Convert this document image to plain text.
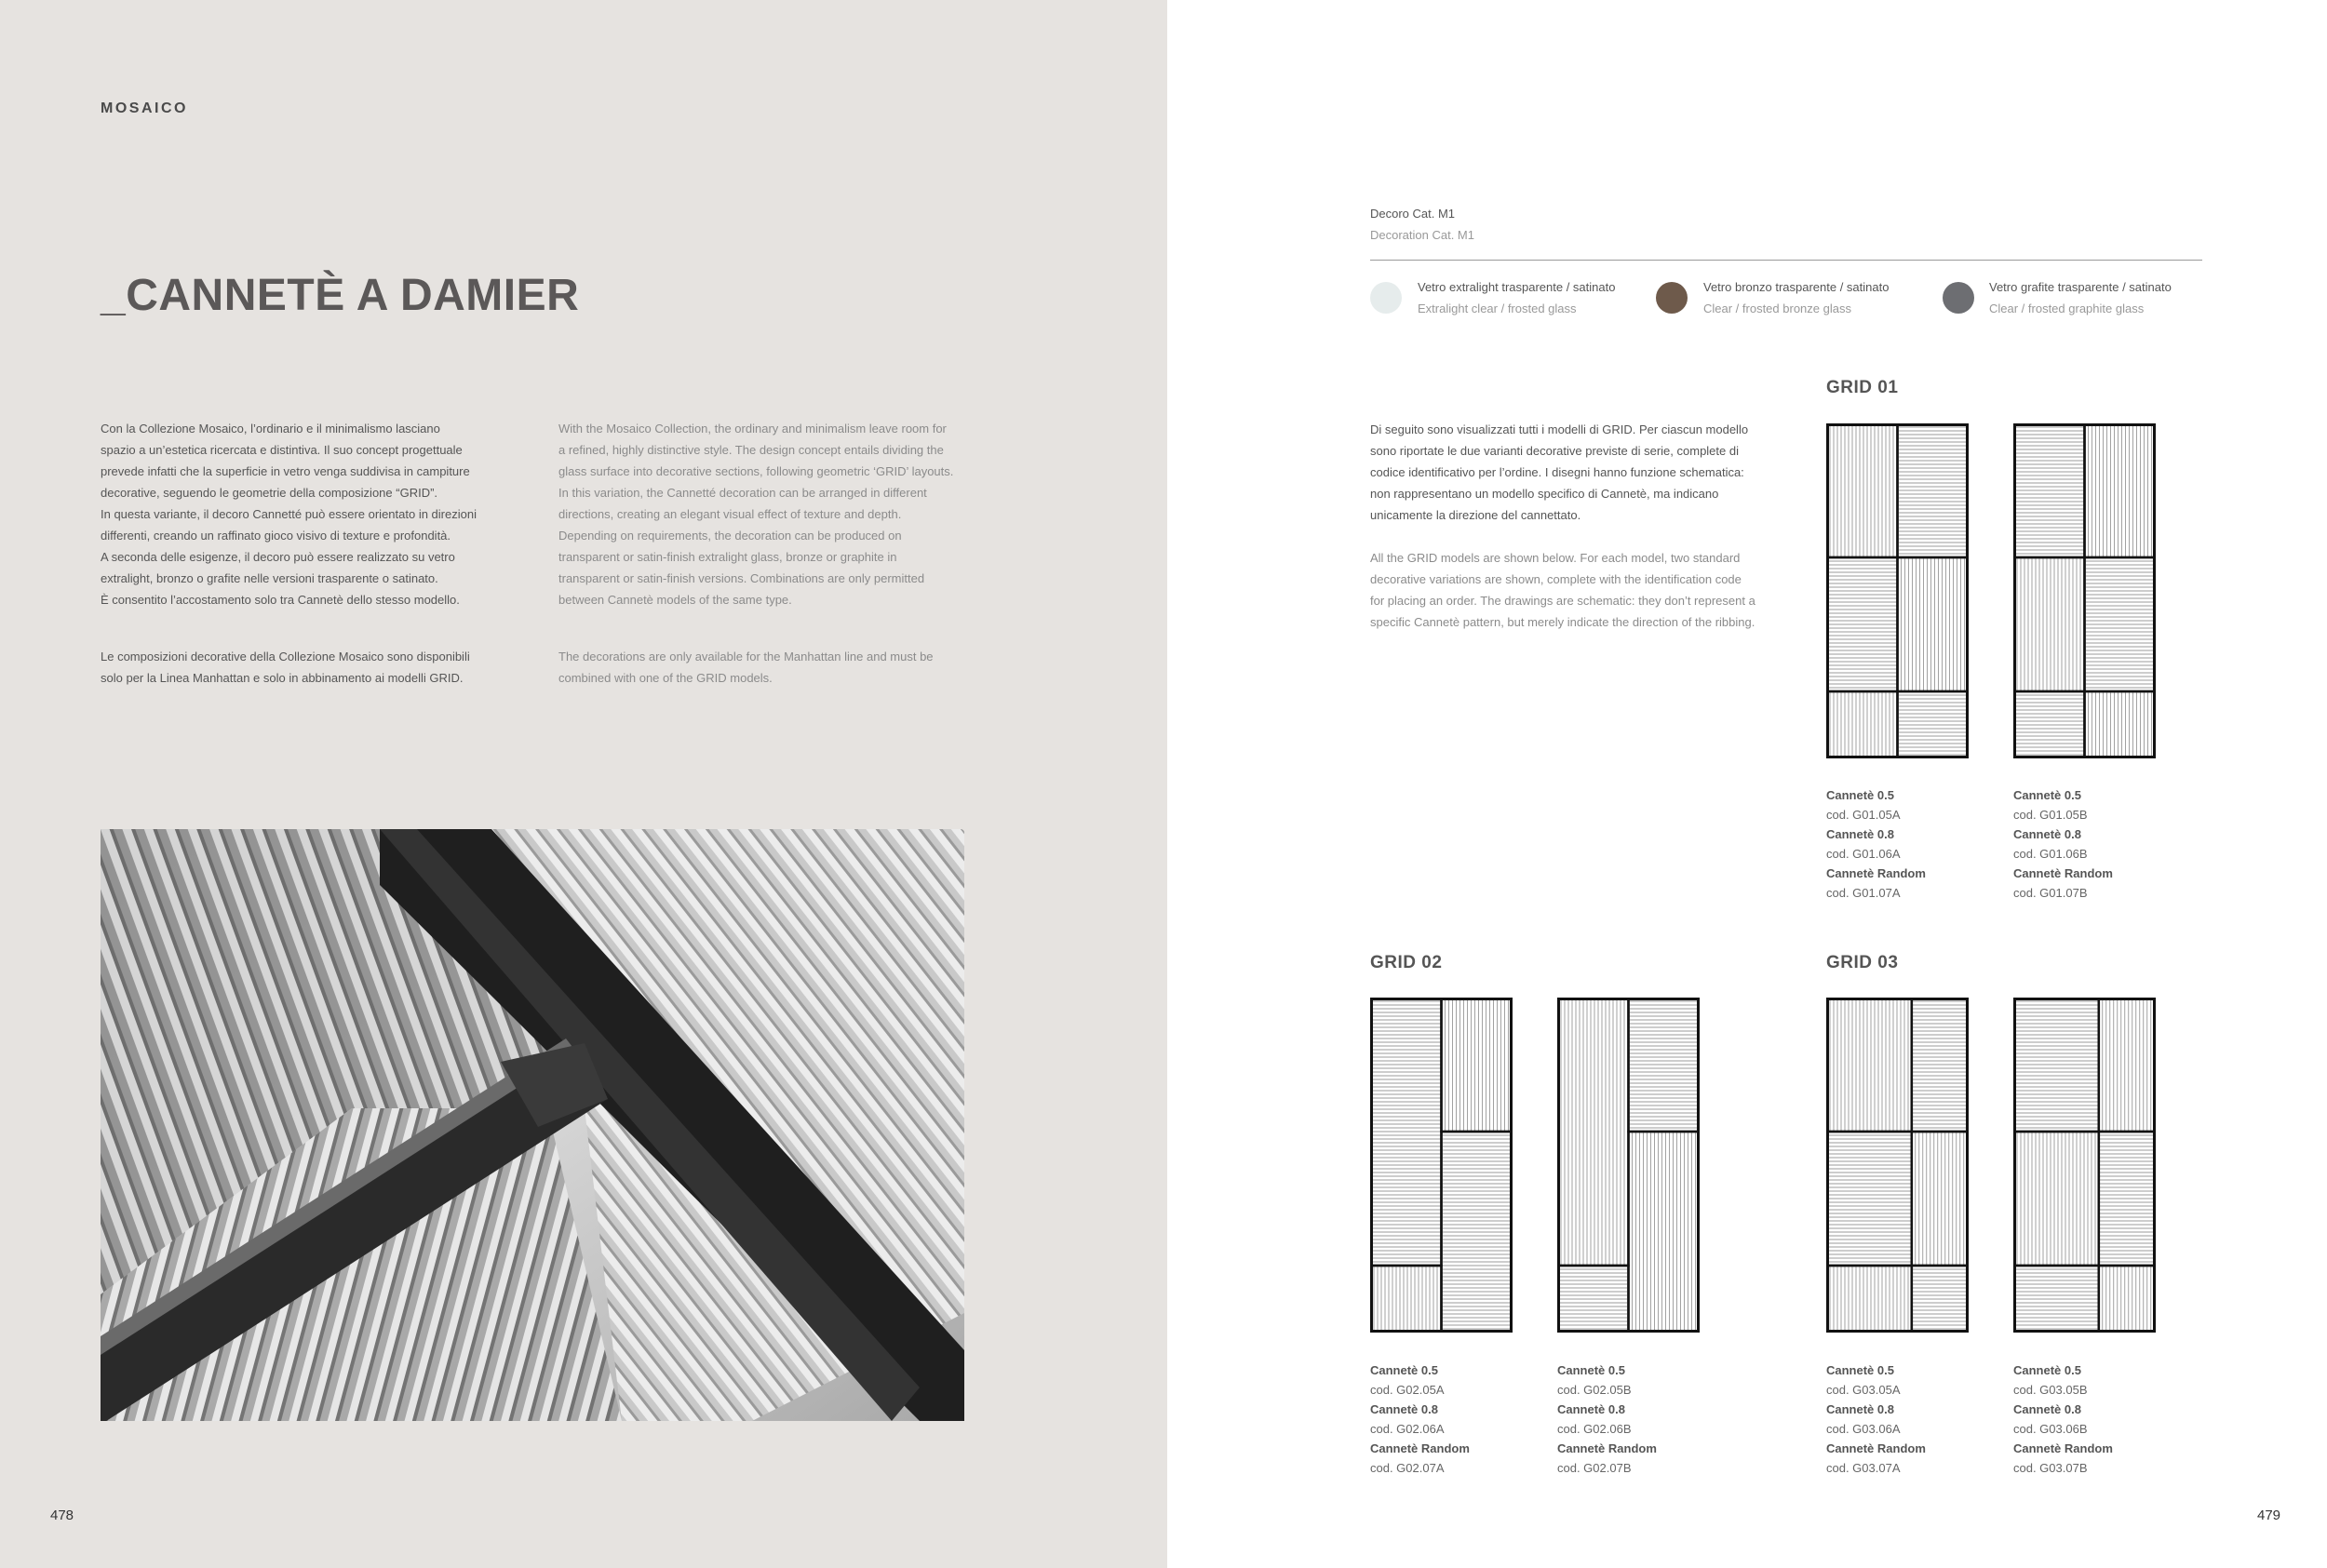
MOSAICO
_CANNETÈ A DAMIER

Con la Collezione Mosaico, l’ordinario e il minimalismo lasciano

spazio a un’estetica ricercata e distintiva. Il suo concept progettuale

prevede infatti che la superficie in vetro venga suddivisa in campiture

decorative, seguendo le geometrie della composizione “GRID”.

In questa variante, il decoro Cannetté può essere orientato in direzioni

differenti, creando un raffinato gioco visivo di texture e profondità.

A seconda delle esigenze, il decoro può essere realizzato su vetro

extralight, bronzo o grafite nelle versioni trasparente o satinato.

È consentito l’accostamento solo tra Cannetè dello stesso modello.

Le composizioni decorative della Collezione Mosaico sono disponibili

solo per la Linea Manhattan e solo in abbinamento ai modelli GRID.

With the Mosaico Collection, the ordinary and minimalism leave room for

a refined, highly distinctive style. The design concept entails dividing the

glass surface into decorative sections, following geometric ‘GRID’ layouts.

In this variation, the Cannetté decoration can be arranged in different

directions, creating an elegant visual effect of texture and depth.

Depending on requirements, the decoration can be produced on

transparent or satin-finish extralight glass, bronze or graphite in

transparent or satin-finish versions. Combinations are only permitted

between Cannetè models of the same type.

The decorations are only available for the Manhattan line and must be

combined with one of the GRID models.

478
Decoro Cat. M1
Decoration Cat. M1
Vetro extralight trasparente / satinato
Extralight clear / frosted glass
Vetro bronzo trasparente / satinato
Clear / frosted bronze glass
Vetro grafite trasparente / satinato
Clear / frosted graphite glass

Di seguito sono visualizzati tutti i modelli di GRID. Per ciascun modello

sono riportate le due varianti decorative previste di serie, complete di

codice identificativo per l’ordine. I disegni hanno funzione schematica:

non rappresentano un modello specifico di Cannetè, ma indicano

unicamente la direzione del cannettato.

All the GRID models are shown below. For each model, two standard

decorative variations are shown, complete with the identification code

for placing an order. The drawings are schematic: they don’t represent a

specific Cannetè pattern, but merely indicate the direction of the ribbing.

GRID 01
GRID 02	GRID 03
Cannetè 0.5
cod. G01.05A
Cannetè 0.8
cod. G01.06A
Cannetè Random
cod. G01.07A
Cannetè 0.5
cod. G01.05B
Cannetè 0.8
cod. G01.06B
Cannetè Random
cod. G01.07B
Cannetè 0.5
cod. G02.05A
Cannetè 0.8
cod. G02.06A
Cannetè Random
cod. G02.07A
Cannetè 0.5
cod. G02.05B
Cannetè 0.8
cod. G02.06B
Cannetè Random
cod. G02.07B
Cannetè 0.5
cod. G03.05A
Cannetè 0.8
cod. G03.06A
Cannetè Random
cod. G03.07A
Cannetè 0.5
cod. G03.05B
Cannetè 0.8
cod. G03.06B
Cannetè Random
cod. G03.07B
479
